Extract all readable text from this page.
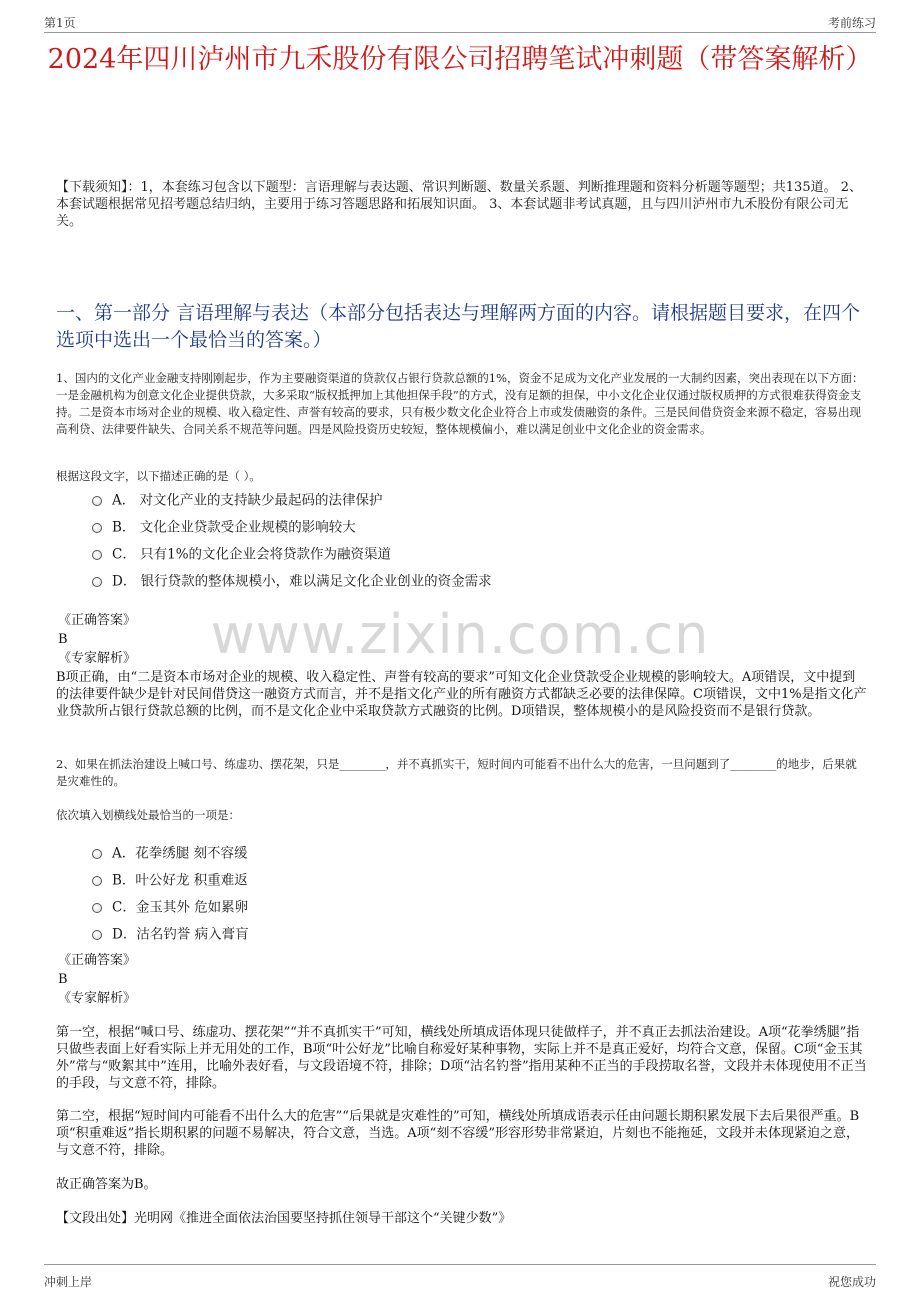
第1页	考前练习
www.zixin.com.cn
2024年四川泸州市九禾股份有限公司招聘笔试冲刺题（带答案解析）
【下载须知】：1，本套练习包含以下题型：言语理解与表达题、常识判断题、数量关系题、判断推理题和资料分析题等题型；共135道。 2、本套试题根据常见招考题总结归纳，主要用于练习答题思路和拓展知识面。 3、本套试题非考试真题，且与四川泸州市九禾股份有限公司无关。
一、第一部分 言语理解与表达（本部分包括表达与理解两方面的内容。请根据题目要求，在四个选项中选出一个最恰当的答案。）
1、国内的文化产业金融支持刚刚起步，作为主要融资渠道的贷款仅占银行贷款总额的1%，资金不足成为文化产业发展的一大制约因素，突出表现在以下方面：一是金融机构为创意文化企业提供贷款，大多采取“版权抵押加上其他担保手段”的方式，没有足额的担保，中小文化企业仅通过版权质押的方式很难获得资金支持。二是资本市场对企业的规模、收入稳定性、声誉有较高的要求，只有极少数文化企业符合上市或发债融资的条件。三是民间借贷资金来源不稳定，容易出现高利贷、法律要件缺失、合同关系不规范等问题。四是风险投资历史较短，整体规模偏小，难以满足创业中文化企业的资金需求。
根据这段文字，以下描述正确的是（ ）。
A． 对文化产业的支持缺少最起码的法律保护
B． 文化企业贷款受企业规模的影响较大
C． 只有1%的文化企业会将贷款作为融资渠道
D． 银行贷款的整体规模小，难以满足文化企业创业的资金需求
《正确答案》
B
《专家解析》
B项正确，由“二是资本市场对企业的规模、收入稳定性、声誉有较高的要求”可知文化企业贷款受企业规模的影响较大。A项错误，文中提到的法律要件缺少是针对民间借贷这一融资方式而言，并不是指文化产业的所有融资方式都缺乏必要的法律保障。C项错误，文中1%是指文化产业贷款所占银行贷款总额的比例，而不是文化企业中采取贷款方式融资的比例。D项错误，整体规模小的是风险投资而不是银行贷款。
2、如果在抓法治建设上喊口号、练虚功、摆花架，只是________，并不真抓实干，短时间内可能看不出什么大的危害，一旦问题到了________的地步，后果就是灾难性的。
依次填入划横线处最恰当的一项是：
A．花拳绣腿 刻不容缓
B．叶公好龙 积重难返
C．金玉其外 危如累卵
D．沽名钓誉 病入膏肓
《正确答案》
B
《专家解析》
第一空，根据“喊口号、练虚功、摆花架”“并不真抓实干”可知，横线处所填成语体现只徒做样子，并不真正去抓法治建设。A项“花拳绣腿”指只做些表面上好看实际上并无用处的工作，B项“叶公好龙”比喻自称爱好某种事物，实际上并不是真正爱好，均符合文意，保留。C项“金玉其外”常与“败絮其中”连用，比喻外表好看，与文段语境不符，排除；D项“沽名钓誉”指用某种不正当的手段捞取名誉，文段并未体现使用不正当的手段，与文意不符，排除。
第二空，根据“短时间内可能看不出什么大的危害”“后果就是灾难性的”可知，横线处所填成语表示任由问题长期积累发展下去后果很严重。B项“积重难返”指长期积累的问题不易解决，符合文意，当选。A项“刻不容缓”形容形势非常紧迫，片刻也不能拖延，文段并未体现紧迫之意，与文意不符，排除。
故正确答案为B。
【文段出处】光明网《推进全面依法治国要坚持抓住领导干部这个“关键少数”》
冲刺上岸	祝您成功
